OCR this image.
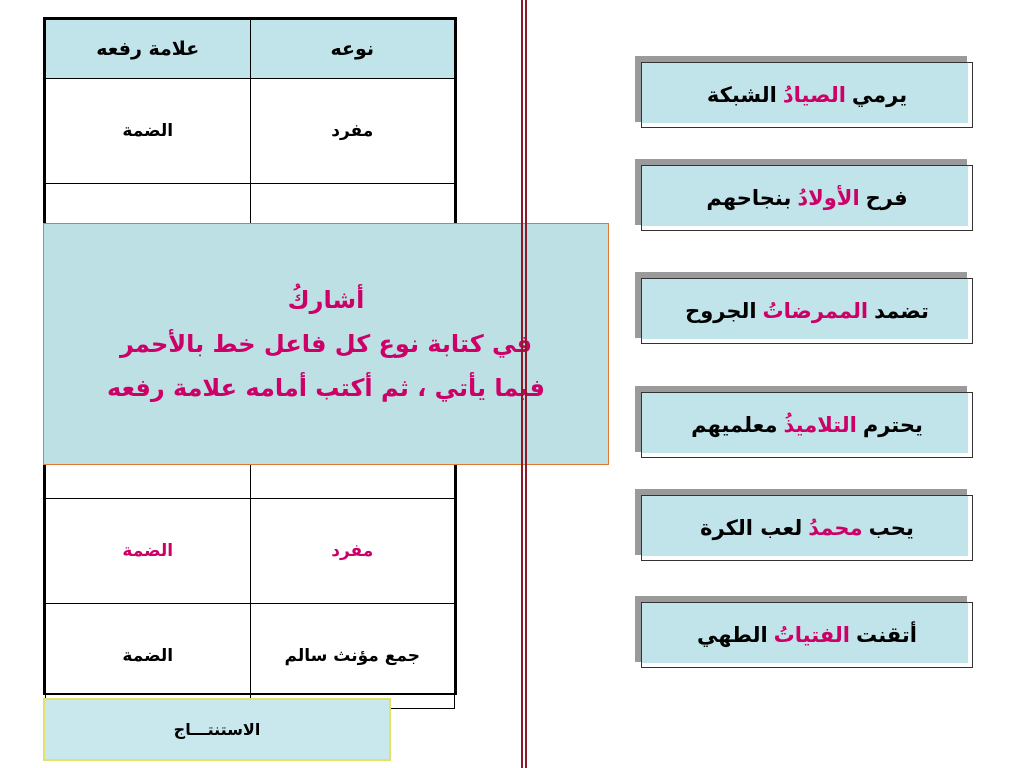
نوعه	علامة رفعه
مفرد	الضمة

مفرد	الضمة
جمع مؤنث سالم	الضمة
أشاركُ
في كتابة نوع كل فاعل خط بالأحمر
فيما يأتي ، ثم أكتب أمامه علامة رفعه
الاستنتـــاج
يرمي
الصيادُ
الشبكة
فرح
الأولادُ
بنجاحهم
تضمد
الممرضاتُ
الجروح
يحترم
التلاميذُ
معلميهم
يحب
محمدُ
لعب الكرة
أتقنت
الفتياتُ
الطهي
